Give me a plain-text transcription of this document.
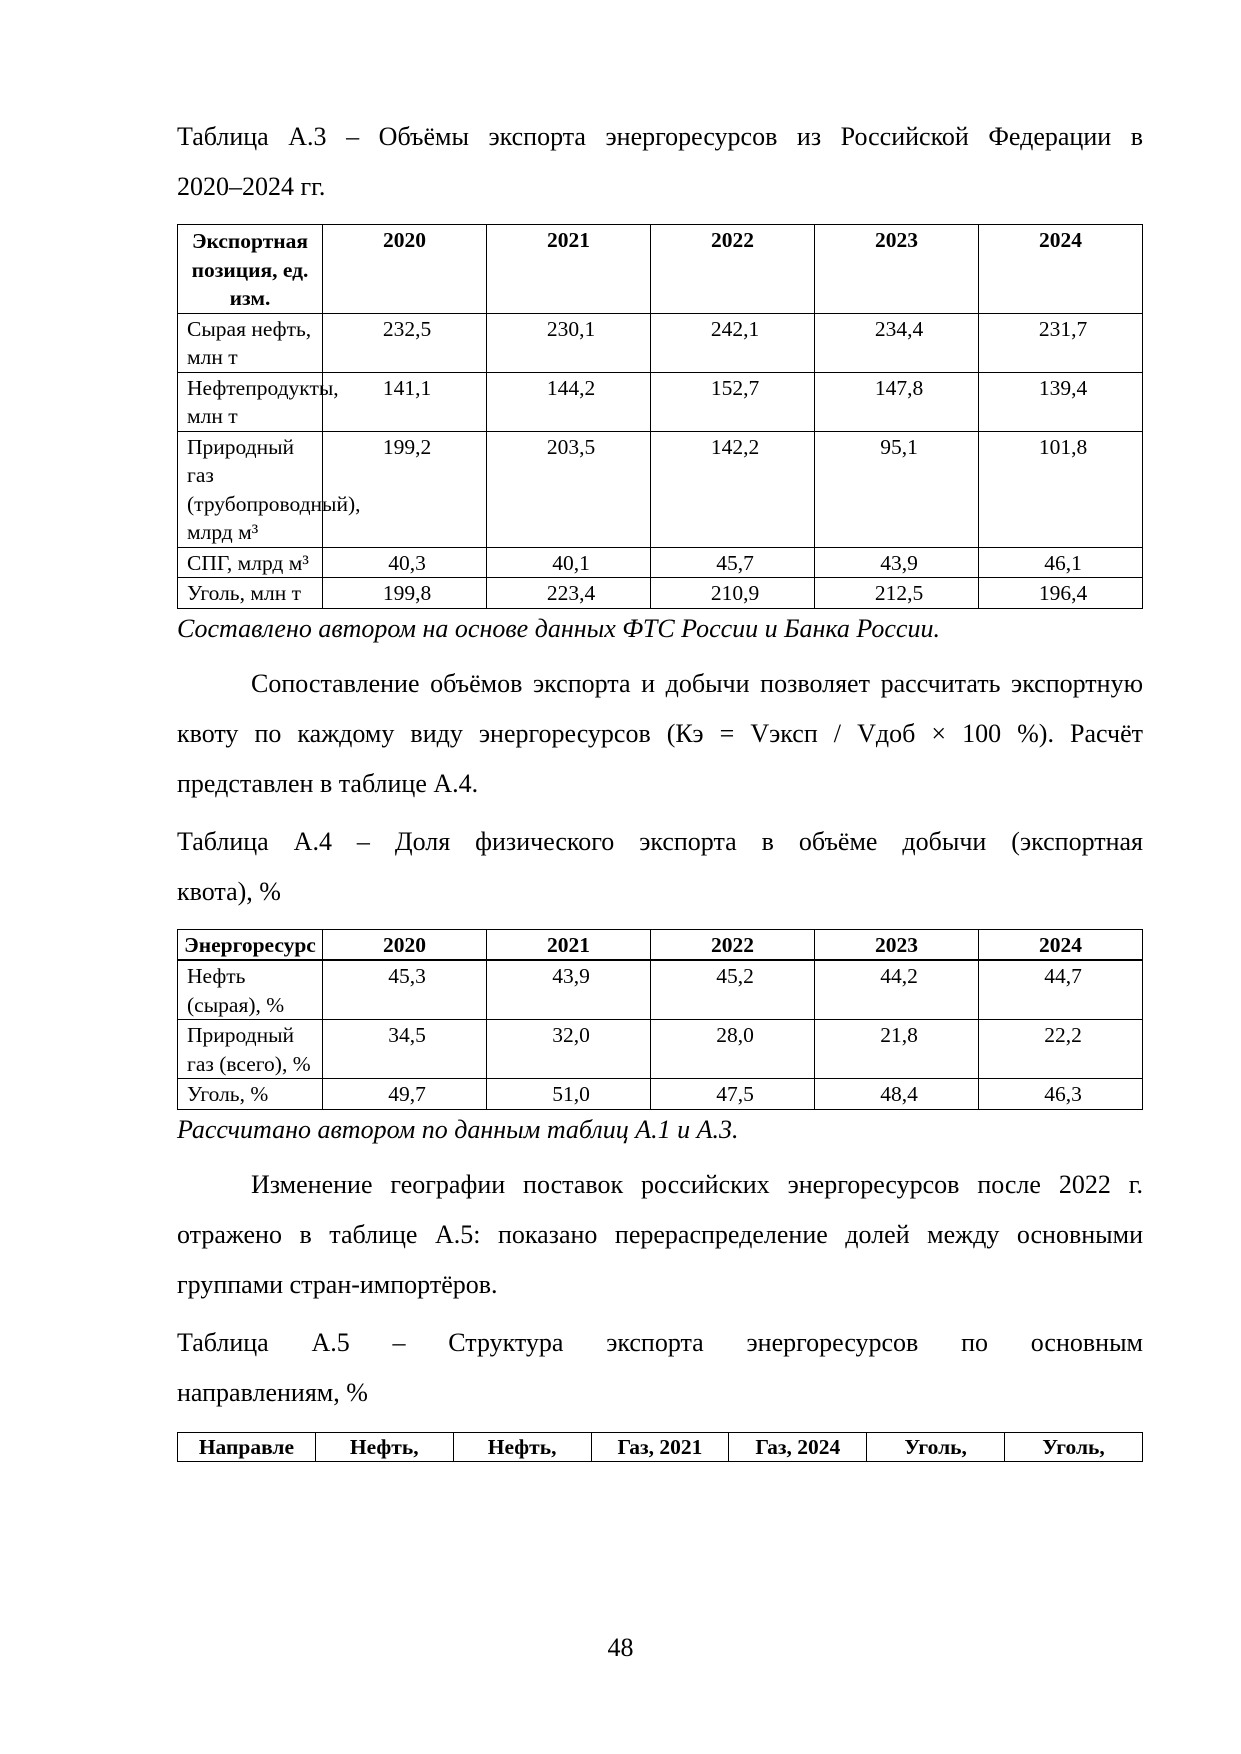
Таблица А.3 – Объёмы экспорта энергоресурсов из Российской Федерации в
2020–2024 гг.

Экспортная позиция, ед. изм.	2020	2021	2022	2023	2024
Сырая нефть, млн т	232,5	230,1	242,1	234,4	231,7
Нефтепродукты, млн т	141,1	144,2	152,7	147,8	139,4
Природный газ (трубопроводный), млрд м³	199,2	203,5	142,2	95,1	101,8
СПГ, млрд м³	40,3	40,1	45,7	43,9	46,1
Уголь, млн т	199,8	223,4	210,9	212,5	196,4

Составлено автором на основе данных ФТС России и Банка России.

Сопоставление объёмов экспорта и добычи позволяет рассчитать экспортную квоту по каждому виду энергоресурсов (Кэ = Vэксп / Vдоб × 100 %). Расчёт представлен в таблице А.4.

Таблица А.4 – Доля физического экспорта в объёме добычи (экспортная
квота), %

Энергоресурс	2020	2021	2022	2023	2024
Нефть (сырая), %	45,3	43,9	45,2	44,2	44,7
Природный газ (всего), %	34,5	32,0	28,0	21,8	22,2
Уголь, %	49,7	51,0	47,5	48,4	46,3

Рассчитано автором по данным таблиц А.1 и А.3.

Изменение географии поставок российских энергоресурсов после 2022 г. отражено в таблице А.5: показано перераспределение долей между основными группами стран-импортёров.

Таблица А.5 – Структура экспорта энергоресурсов по основным
направлениям, %

Направле	Нефть,	Нефть,	Газ, 2021	Газ, 2024	Уголь,	Уголь,
48
